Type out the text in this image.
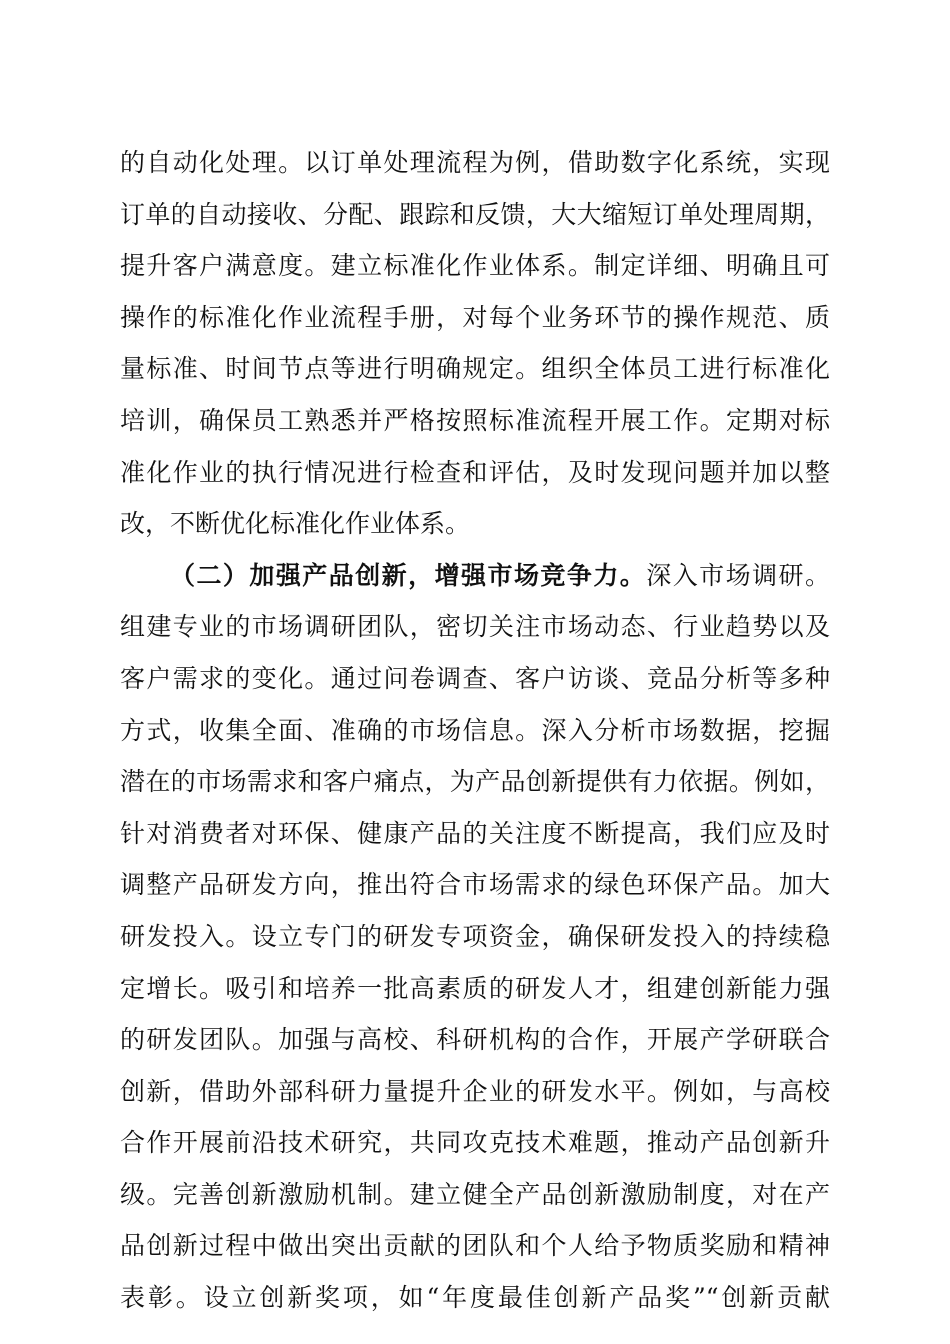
的自动化处理。以订单处理流程为例，借助数字化系统，实现
订单的自动接收、分配、跟踪和反馈，大大缩短订单处理周期，
提升客户满意度。建立标准化作业体系。制定详细、明确且可
操作的标准化作业流程手册，对每个业务环节的操作规范、质
量标准、时间节点等进行明确规定。组织全体员工进行标准化
培训，确保员工熟悉并严格按照标准流程开展工作。定期对标
准化作业的执行情况进行检查和评估，及时发现问题并加以整
改，不断优化标准化作业体系。
（二）加强产品创新，增强市场竞争力。深入市场调研。
组建专业的市场调研团队，密切关注市场动态、行业趋势以及
客户需求的变化。通过问卷调查、客户访谈、竞品分析等多种
方式，收集全面、准确的市场信息。深入分析市场数据，挖掘
潜在的市场需求和客户痛点，为产品创新提供有力依据。例如，
针对消费者对环保、健康产品的关注度不断提高，我们应及时
调整产品研发方向，推出符合市场需求的绿色环保产品。加大
研发投入。设立专门的研发专项资金，确保研发投入的持续稳
定增长。吸引和培养一批高素质的研发人才，组建创新能力强
的研发团队。加强与高校、科研机构的合作，开展产学研联合
创新，借助外部科研力量提升企业的研发水平。例如，与高校
合作开展前沿技术研究，共同攻克技术难题，推动产品创新升
级。完善创新激励机制。建立健全产品创新激励制度，对在产
品创新过程中做出突出贡献的团队和个人给予物质奖励和精神
表彰。设立创新奖项，如“年度最佳创新产品奖”“创新贡献
